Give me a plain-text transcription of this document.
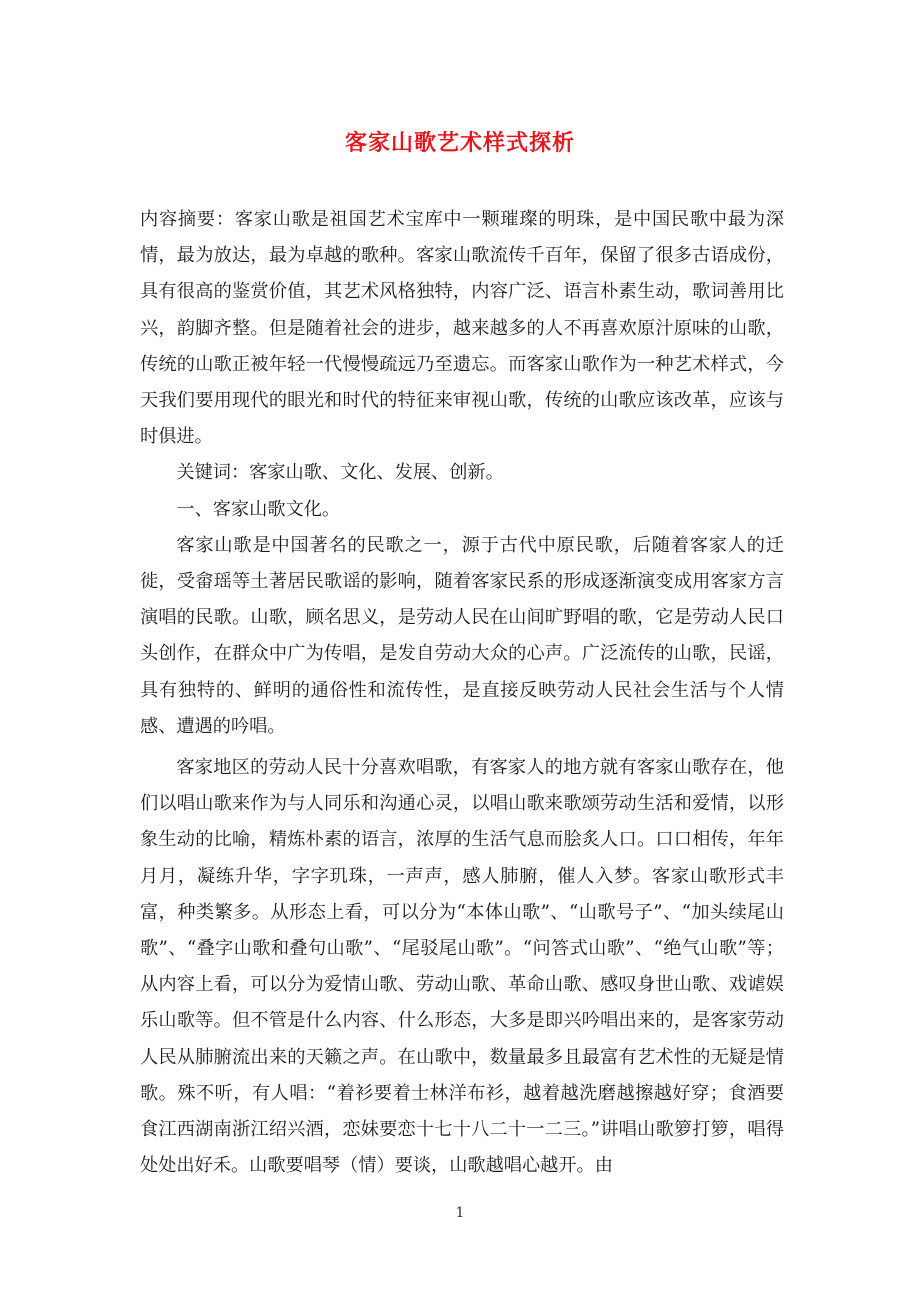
客家山歌艺术样式探析

内容摘要：客家山歌是祖国艺术宝库中一颗璀璨的明珠，是中国民歌中最为深情，最为放达，最为卓越的歌种。客家山歌流传千百年，保留了很多古语成份，具有很高的鉴赏价值，其艺术风格独特，内容广泛、语言朴素生动，歌词善用比兴，韵脚齐整。但是随着社会的进步，越来越多的人不再喜欢原汁原味的山歌，传统的山歌正被年轻一代慢慢疏远乃至遗忘。而客家山歌作为一种艺术样式，今天我们要用现代的眼光和时代的特征来审视山歌，传统的山歌应该改革，应该与时俱进。

关键词：客家山歌、文化、发展、创新。

一、客家山歌文化。

客家山歌是中国著名的民歌之一，源于古代中原民歌，后随着客家人的迁徙，受畲瑶等土著居民歌谣的影响，随着客家民系的形成逐渐演变成用客家方言演唱的民歌。山歌，顾名思义，是劳动人民在山间旷野唱的歌，它是劳动人民口头创作，在群众中广为传唱，是发自劳动大众的心声。广泛流传的山歌，民谣，具有独特的、鲜明的通俗性和流传性，是直接反映劳动人民社会生活与个人情感、遭遇的吟唱。

客家地区的劳动人民十分喜欢唱歌，有客家人的地方就有客家山歌存在，他们以唱山歌来作为与人同乐和沟通心灵，以唱山歌来歌颂劳动生活和爱情，以形象生动的比喻，精炼朴素的语言，浓厚的生活气息而脍炙人口。口口相传，年年月月，凝练升华，字字玑珠，一声声，感人肺腑，催人入梦。客家山歌形式丰富，种类繁多。从形态上看，可以分为“本体山歌”、“山歌号子”、“加头续尾山歌”、“叠字山歌和叠句山歌”、“尾驳尾山歌”。“问答式山歌”、“绝气山歌”等；从内容上看，可以分为爱情山歌、劳动山歌、革命山歌、感叹身世山歌、戏谑娱乐山歌等。但不管是什么内容、什么形态，大多是即兴吟唱出来的，是客家劳动人民从肺腑流出来的天籁之声。在山歌中，数量最多且最富有艺术性的无疑是情歌。殊不听，有人唱：“着衫要着士林洋布衫，越着越洗磨越擦越好穿；食酒要食江西湖南浙江绍兴酒，恋妹要恋十七十八二十一二三。”讲唱山歌箩打箩，唱得处处出好禾。山歌要唱琴（情）要谈，山歌越唱心越开。由

1
